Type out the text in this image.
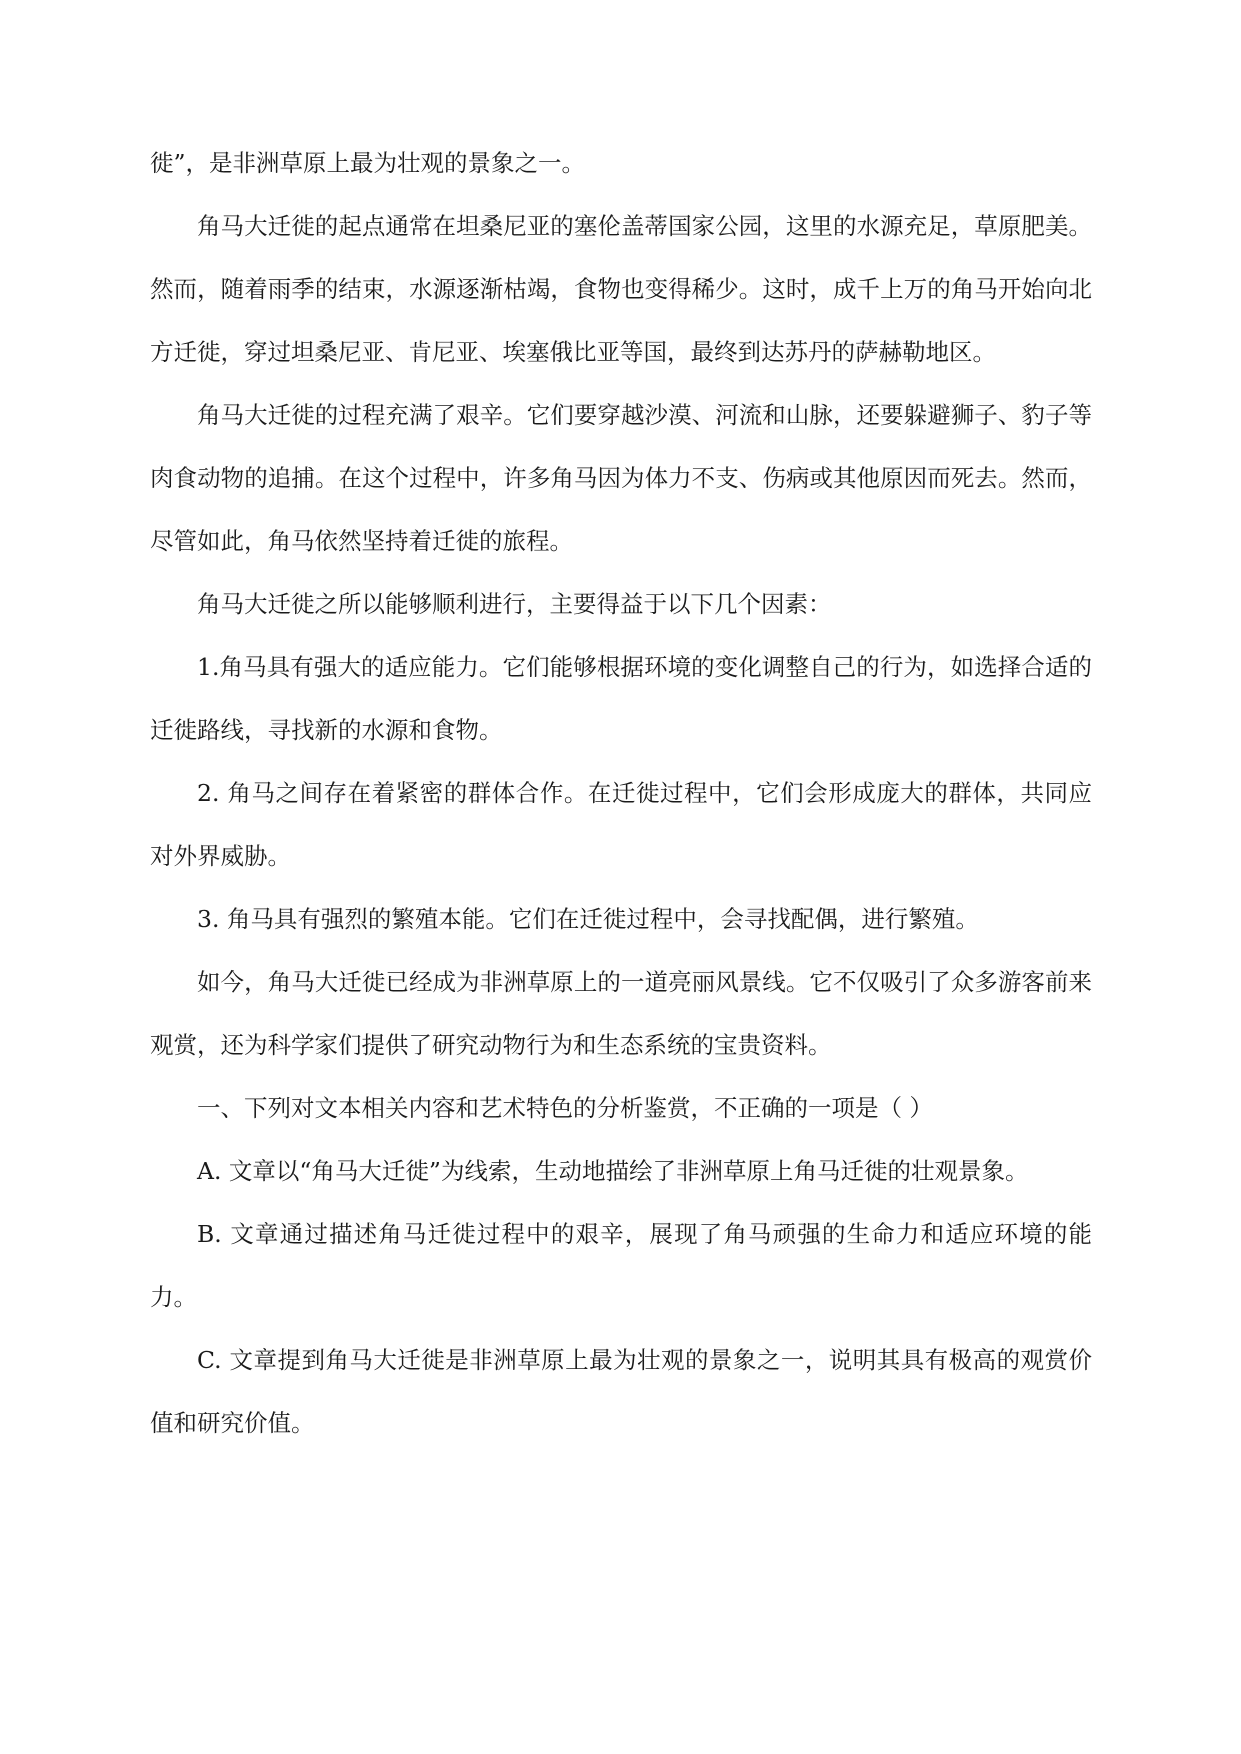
徙”，是非洲草原上最为壮观的景象之一。

角马大迁徙的起点通常在坦桑尼亚的塞伦盖蒂国家公园，这里的水源充足，草原肥美。然而，随着雨季的结束，水源逐渐枯竭，食物也变得稀少。这时，成千上万的角马开始向北方迁徙，穿过坦桑尼亚、肯尼亚、埃塞俄比亚等国，最终到达苏丹的萨赫勒地区。

角马大迁徙的过程充满了艰辛。它们要穿越沙漠、河流和山脉，还要躲避狮子、豹子等肉食动物的追捕。在这个过程中，许多角马因为体力不支、伤病或其他原因而死去。然而，尽管如此，角马依然坚持着迁徙的旅程。

角马大迁徙之所以能够顺利进行，主要得益于以下几个因素：

1.角马具有强大的适应能力。它们能够根据环境的变化调整自己的行为，如选择合适的迁徙路线，寻找新的水源和食物。

2. 角马之间存在着紧密的群体合作。在迁徙过程中，它们会形成庞大的群体，共同应对外界威胁。

3. 角马具有强烈的繁殖本能。它们在迁徙过程中，会寻找配偶，进行繁殖。

如今，角马大迁徙已经成为非洲草原上的一道亮丽风景线。它不仅吸引了众多游客前来观赏，还为科学家们提供了研究动物行为和生态系统的宝贵资料。

一、下列对文本相关内容和艺术特色的分析鉴赏，不正确的一项是（ ）

A. 文章以“角马大迁徙”为线索，生动地描绘了非洲草原上角马迁徙的壮观景象。

B. 文章通过描述角马迁徙过程中的艰辛，展现了角马顽强的生命力和适应环境的能力。

C. 文章提到角马大迁徙是非洲草原上最为壮观的景象之一，说明其具有极高的观赏价值和研究价值。
